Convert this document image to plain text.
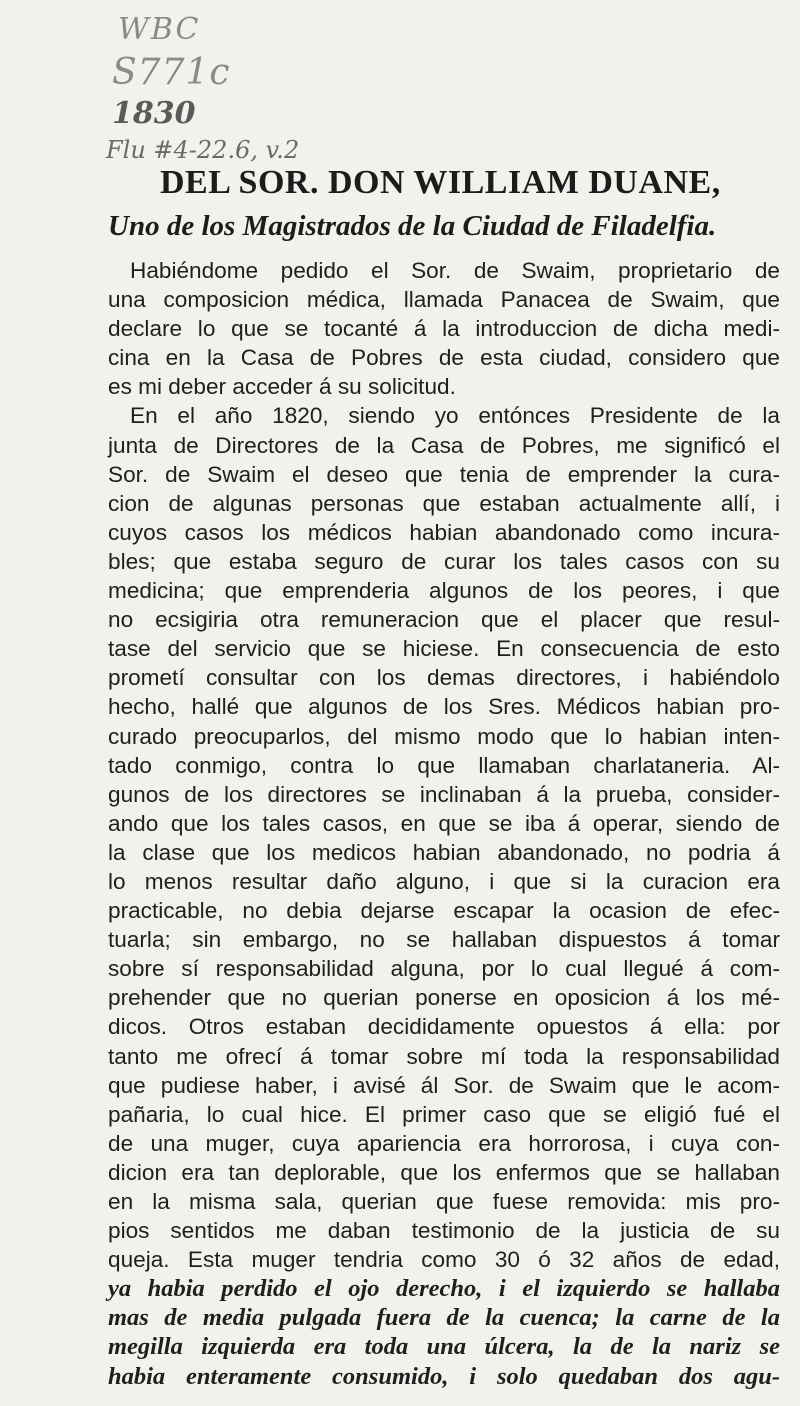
WBC
S771c
1830
Flu #4-22.6, v.2
DEL SOR. DON WILLIAM DUANE,
Uno de los Magistrados de la Ciudad de Filadelfia.
Habiéndome pedido el Sor. de Swaim, proprietario de
una composicion médica, llamada Panacea de Swaim, que
declare lo que se tocanté á la introduccion de dicha medi-
cina en la Casa de Pobres de esta ciudad, considero que
es mi deber acceder á su solicitud.
En el año 1820, siendo yo entónces Presidente de la
junta de Directores de la Casa de Pobres, me significó el
Sor. de Swaim el deseo que tenia de emprender la cura-
cion de algunas personas que estaban actualmente allí, i
cuyos casos los médicos habian abandonado como incura-
bles; que estaba seguro de curar los tales casos con su
medicina; que emprenderia algunos de los peores, i que
no ecsigiria otra remuneracion que el placer que resul-
tase del servicio que se hiciese. En consecuencia de esto
prometí consultar con los demas directores, i habiéndolo
hecho, hallé que algunos de los Sres. Médicos habian pro-
curado preocuparlos, del mismo modo que lo habian inten-
tado conmigo, contra lo que llamaban charlataneria. Al-
gunos de los directores se inclinaban á la prueba, consider-
ando que los tales casos, en que se iba á operar, siendo de
la clase que los medicos habian abandonado, no podria á
lo menos resultar daño alguno, i que si la curacion era
practicable, no debia dejarse escapar la ocasion de efec-
tuarla; sin embargo, no se hallaban dispuestos á tomar
sobre sí responsabilidad alguna, por lo cual llegué á com-
prehender que no querian ponerse en oposicion á los mé-
dicos. Otros estaban decididamente opuestos á ella: por
tanto me ofrecí á tomar sobre mí toda la responsabilidad
que pudiese haber, i avisé ál Sor. de Swaim que le acom-
pañaria, lo cual hice. El primer caso que se eligió fué el
de una muger, cuya apariencia era horrorosa, i cuya con-
dicion era tan deplorable, que los enfermos que se hallaban
en la misma sala, querian que fuese removida: mis pro-
pios sentidos me daban testimonio de la justicia de su
queja. Esta muger tendria como 30 ó 32 años de edad,
ya habia perdido el ojo derecho, i el izquierdo se hallaba
mas de media pulgada fuera de la cuenca; la carne de la
megilla izquierda era toda una úlcera, la de la nariz se
habia enteramente consumido, i solo quedaban dos agu-
